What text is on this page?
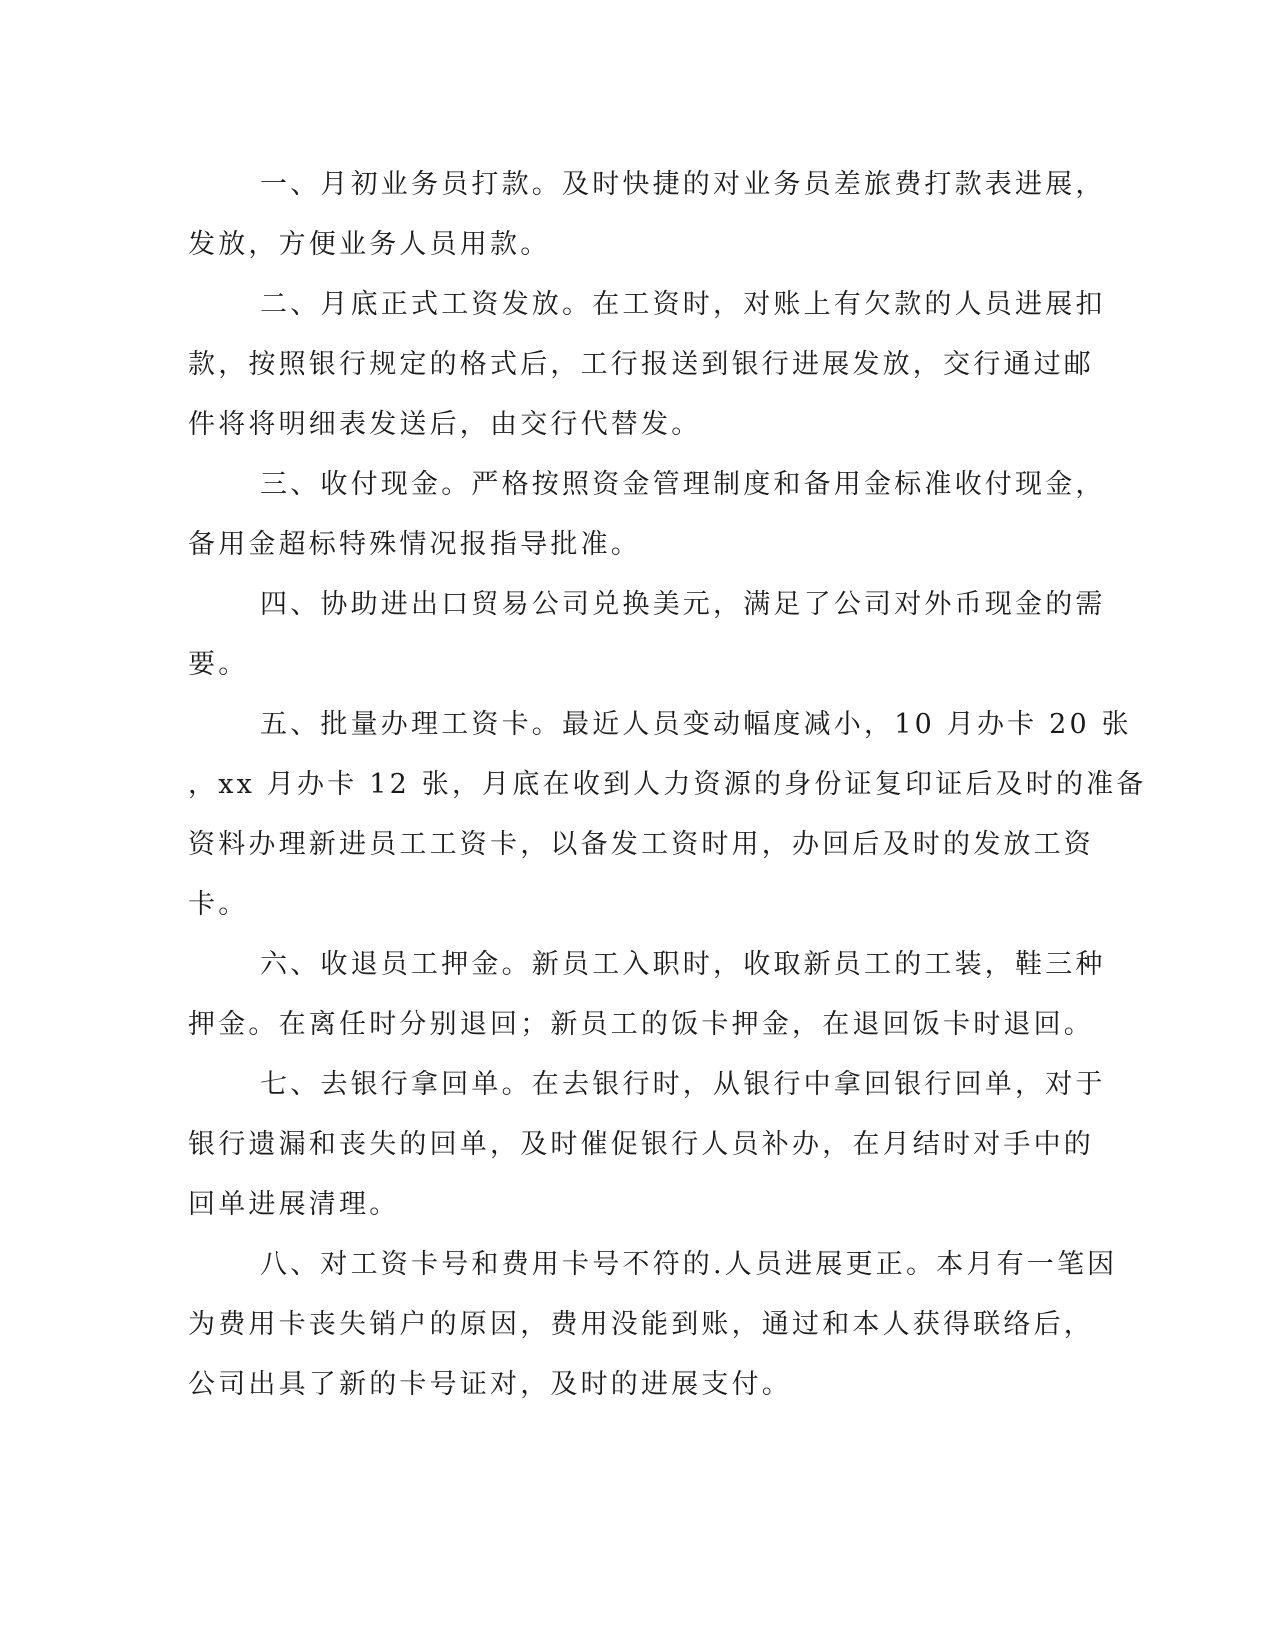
一、月初业务员打款。及时快捷的对业务员差旅费打款表进展，
发放，方便业务人员用款。
二、月底正式工资发放。在工资时，对账上有欠款的人员进展扣
款，按照银行规定的格式后，工行报送到银行进展发放，交行通过邮
件将将明细表发送后，由交行代替发。
三、收付现金。严格按照资金管理制度和备用金标准收付现金，
备用金超标特殊情况报指导批准。
四、协助进出口贸易公司兑换美元，满足了公司对外币现金的需
要。
五、批量办理工资卡。最近人员变动幅度减小，10 月办卡 20 张
，xx 月办卡 12 张，月底在收到人力资源的身份证复印证后及时的准备
资料办理新进员工工资卡，以备发工资时用，办回后及时的发放工资
卡。
六、收退员工押金。新员工入职时，收取新员工的工装，鞋三种
押金。在离任时分别退回；新员工的饭卡押金，在退回饭卡时退回。
七、去银行拿回单。在去银行时，从银行中拿回银行回单，对于
银行遗漏和丧失的回单，及时催促银行人员补办，在月结时对手中的
回单进展清理。
八、对工资卡号和费用卡号不符的.人员进展更正。本月有一笔因
为费用卡丧失销户的原因，费用没能到账，通过和本人获得联络后，
公司出具了新的卡号证对，及时的进展支付。
